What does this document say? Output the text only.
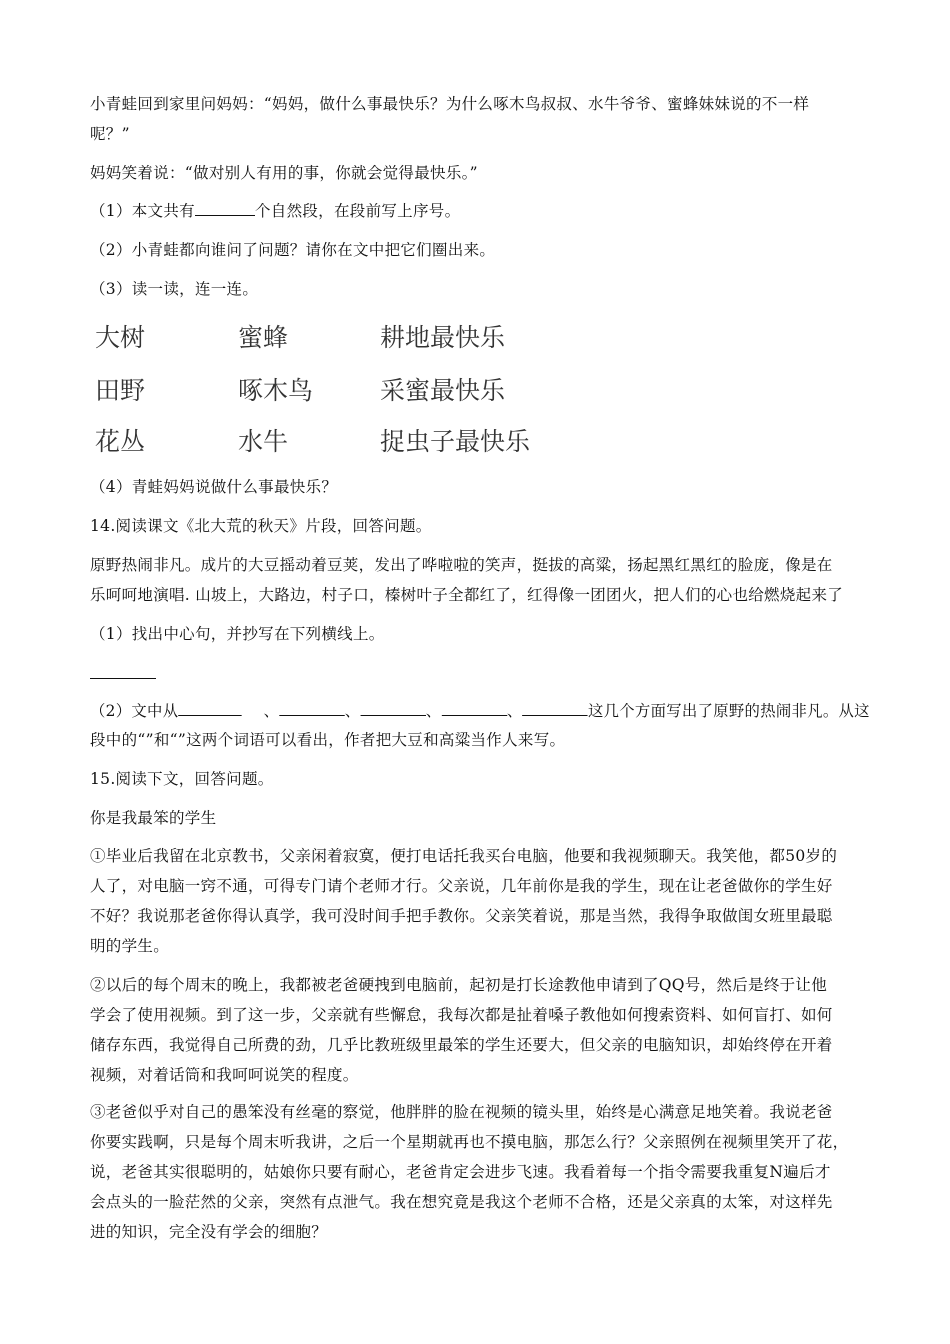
小青蛙回到家里问妈妈：“妈妈，做什么事最快乐？为什么啄木鸟叔叔、水牛爷爷、蜜蜂妹妹说的不一样
呢？”
妈妈笑着说：“做对别人有用的事，你就会觉得最快乐。”
（1）本文共有	个自然段，在段前写上序号。
（2）小青蛙都向谁问了问题？请你在文中把它们圈出来。
（3）读一读，连一连。
大树	蜜蜂	耕地最快乐
田野	啄木鸟	采蜜最快乐
花丛	水牛	捉虫子最快乐
（4）青蛙妈妈说做什么事最快乐？
14.阅读课文《北大荒的秋天》片段，回答问题。
原野热闹非凡。成片的大豆摇动着豆荚，发出了哗啦啦的笑声，挺拔的高粱，扬起黑红黑红的脸庞，像是在
乐呵呵地演唱. 山坡上，大路边，村子口，榛树叶子全都红了，红得像一团团火，把人们的心也给燃烧起来了
（1）找出中心句，并抄写在下列横线上。
（2）文中从	、	、	、	、	这几个方面写出了原野的热闹非凡。从这
段中的“”和“”这两个词语可以看出，作者把大豆和高粱当作人来写。
15.阅读下文，回答问题。
你是我最笨的学生
①毕业后我留在北京教书，父亲闲着寂寞，便打电话托我买台电脑，他要和我视频聊天。我笑他，都50岁的
人了，对电脑一窍不通，可得专门请个老师才行。父亲说，几年前你是我的学生，现在让老爸做你的学生好
不好？我说那老爸你得认真学，我可没时间手把手教你。父亲笑着说，那是当然，我得争取做闺女班里最聪
明的学生。
②以后的每个周末的晚上，我都被老爸硬拽到电脑前，起初是打长途教他申请到了QQ号，然后是终于让他
学会了使用视频。到了这一步，父亲就有些懈怠，我每次都是扯着嗓子教他如何搜索资料、如何盲打、如何
储存东西，我觉得自己所费的劲，几乎比教班级里最笨的学生还要大，但父亲的电脑知识，却始终停在开着
视频，对着话筒和我呵呵说笑的程度。
③老爸似乎对自己的愚笨没有丝毫的察觉，他胖胖的脸在视频的镜头里，始终是心满意足地笑着。我说老爸
你要实践啊，只是每个周末听我讲，之后一个星期就再也不摸电脑，那怎么行？父亲照例在视频里笑开了花，
说，老爸其实很聪明的，姑娘你只要有耐心，老爸肯定会进步飞速。我看着每一个指令需要我重复N遍后才
会点头的一脸茫然的父亲，突然有点泄气。我在想究竟是我这个老师不合格，还是父亲真的太笨，对这样先
进的知识，完全没有学会的细胞？
